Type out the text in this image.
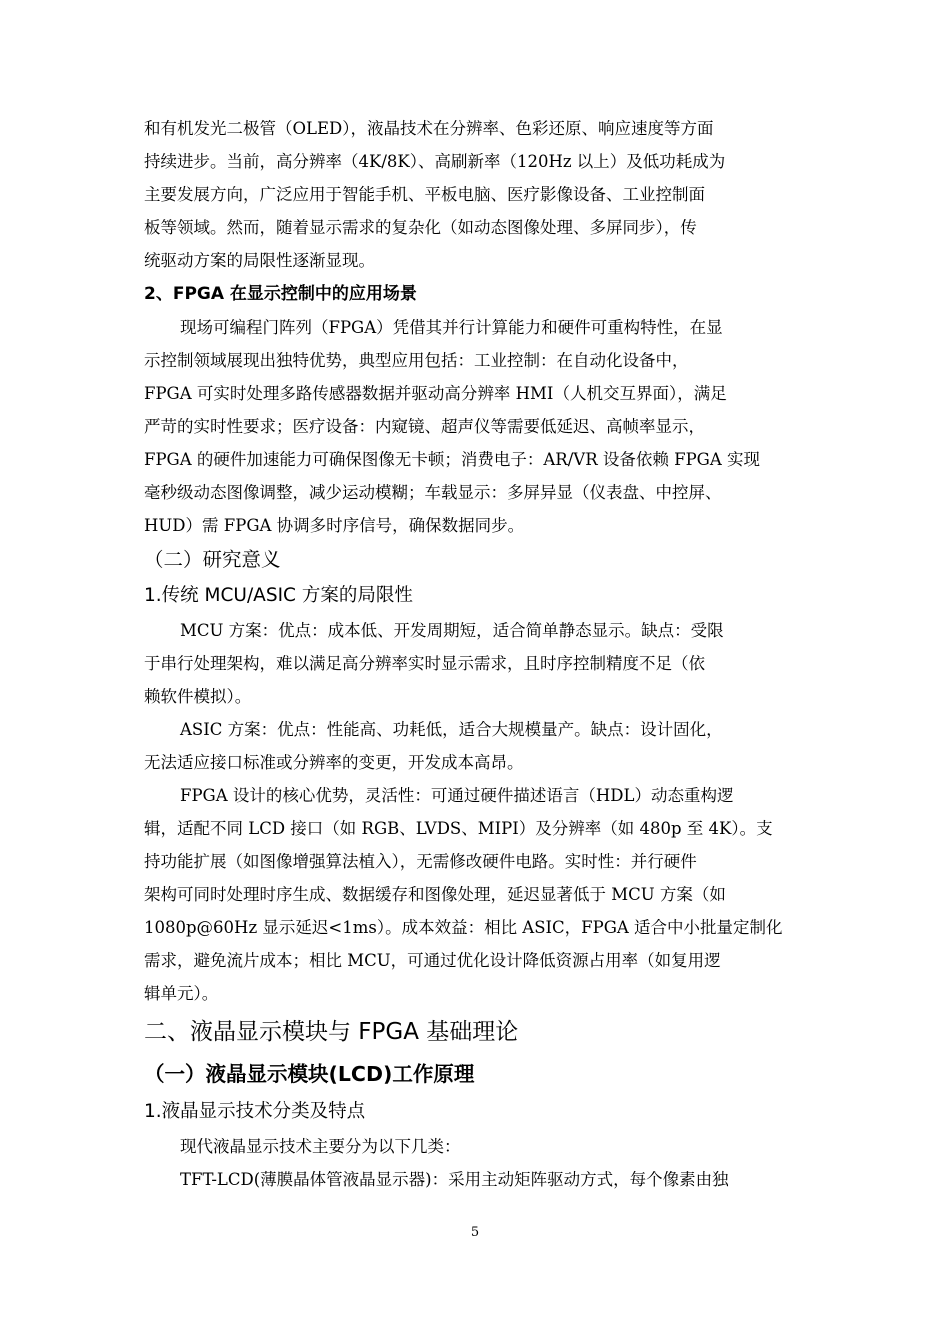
和有机发光二极管（OLED），液晶技术在分辨率、色彩还原、响应速度等方面
持续进步。当前，高分辨率（4K/8K）、高刷新率（120Hz 以上）及低功耗成为
主要发展方向，广泛应用于智能手机、平板电脑、医疗影像设备、工业控制面
板等领域。然而，随着显示需求的复杂化（如动态图像处理、多屏同步），传
统驱动方案的局限性逐渐显现。
2、FPGA 在显示控制中的应用场景
现场可编程门阵列（FPGA）凭借其并行计算能力和硬件可重构特性，在显
示控制领域展现出独特优势，典型应用包括：工业控制：在自动化设备中，
FPGA 可实时处理多路传感器数据并驱动高分辨率 HMI（人机交互界面），满足
严苛的实时性要求；医疗设备：内窥镜、超声仪等需要低延迟、高帧率显示，
FPGA 的硬件加速能力可确保图像无卡顿；消费电子：AR/VR 设备依赖 FPGA 实现
毫秒级动态图像调整，减少运动模糊；车载显示：多屏异显（仪表盘、中控屏、
HUD）需 FPGA 协调多时序信号，确保数据同步。
（二）研究意义
1.传统 MCU/ASIC 方案的局限性
MCU 方案：优点：成本低、开发周期短，适合简单静态显示。缺点：受限
于串行处理架构，难以满足高分辨率实时显示需求，且时序控制精度不足（依
赖软件模拟）。
ASIC 方案：优点：性能高、功耗低，适合大规模量产。缺点：设计固化，
无法适应接口标准或分辨率的变更，开发成本高昂。
FPGA 设计的核心优势，灵活性：可通过硬件描述语言（HDL）动态重构逻
辑，适配不同 LCD 接口（如 RGB、LVDS、MIPI）及分辨率（如 480p 至 4K）。支
持功能扩展（如图像增强算法植入），无需修改硬件电路。实时性：并行硬件
架构可同时处理时序生成、数据缓存和图像处理，延迟显著低于 MCU 方案（如
1080p@60Hz 显示延迟<1ms）。成本效益：相比 ASIC，FPGA 适合中小批量定制化
需求，避免流片成本；相比 MCU，可通过优化设计降低资源占用率（如复用逻
辑单元）。
二、液晶显示模块与 FPGA 基础理论
（一）液晶显示模块(LCD)工作原理
1.液晶显示技术分类及特点
现代液晶显示技术主要分为以下几类：
TFT-LCD(薄膜晶体管液晶显示器)：采用主动矩阵驱动方式，每个像素由独
5
